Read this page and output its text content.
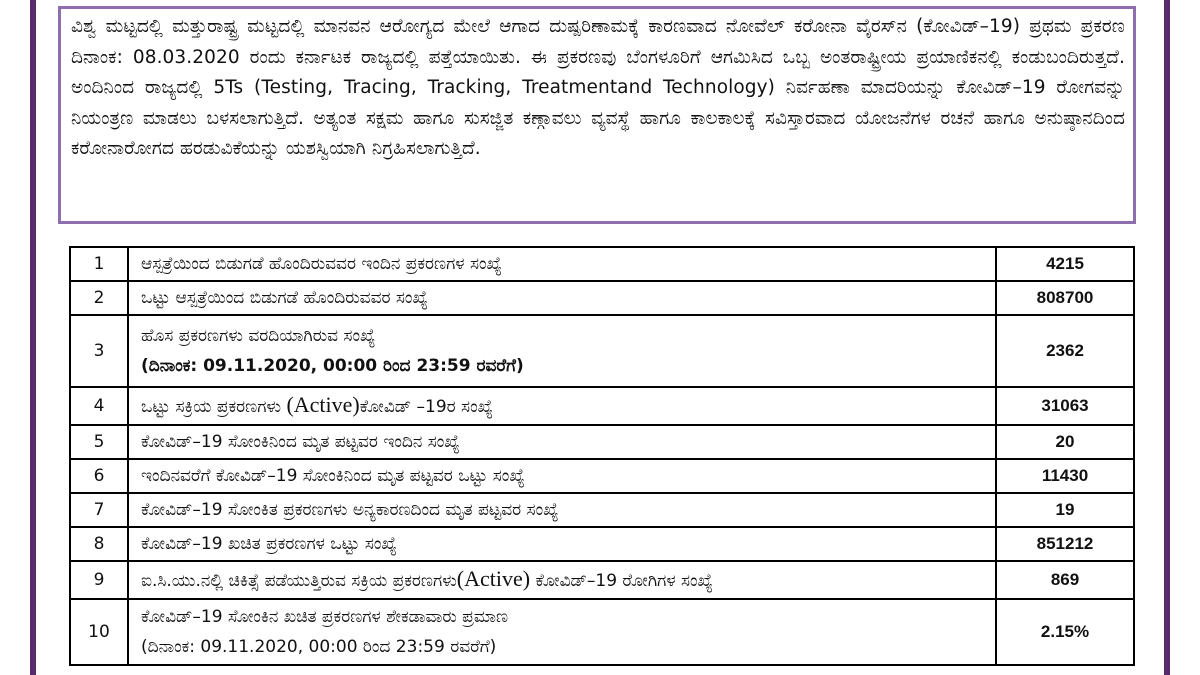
ವಿಶ್ವ ಮಟ್ಟದಲ್ಲಿ ಮತ್ತುರಾಷ್ಟ್ರ ಮಟ್ಟದಲ್ಲಿ ಮಾನವನ ಆರೋಗ್ಯದ ಮೇಲೆ ಆಗಾದ ದುಷ್ಪರಿಣಾಮಕ್ಕೆ ಕಾರಣವಾದ ನೋವೆಲ್ ಕರೋನಾ ವೈರಸ್‌ನ (ಕೋವಿಡ್–19) ಪ್ರಥಮ ಪ್ರಕರಣ ದಿನಾಂಕ: 08.03.2020 ರಂದು ಕರ್ನಾಟಕ ರಾಜ್ಯದಲ್ಲಿ ಪತ್ತೆಯಾಯಿತು. ಈ ಪ್ರಕರಣವು ಬೆಂಗಳೂರಿಗೆ ಆಗಮಿಸಿದ ಒಬ್ಬ ಅಂತರಾಷ್ಟ್ರೀಯ ಪ್ರಯಾಣಿಕನಲ್ಲಿ ಕಂಡುಬಂದಿರುತ್ತದೆ. ಅಂದಿನಿಂದ ರಾಜ್ಯದಲ್ಲಿ 5Ts (Testing, Tracing, Tracking, Treatmentand Technology) ನಿರ್ವಹಣಾ ಮಾದರಿಯನ್ನು ಕೋವಿಡ್–19 ರೋಗವನ್ನು ನಿಯಂತ್ರಣ ಮಾಡಲು ಬಳಸಲಾಗುತ್ತಿದೆ. ಅತ್ಯಂತ ಸಕ್ಷಮ ಹಾಗೂ ಸುಸಜ್ಜಿತ ಕಣ್ಗಾವಲು ವ್ಯವಸ್ಥೆ ಹಾಗೂ ಕಾಲಕಾಲಕ್ಕೆ ಸವಿಸ್ತಾರವಾದ ಯೋಜನೆಗಳ ರಚನೆ ಹಾಗೂ ಅನುಷ್ಠಾನದಿಂದ ಕರೋನಾರೋಗದ ಹರಡುವಿಕೆಯನ್ನು ಯಶಸ್ವಿಯಾಗಿ ನಿಗ್ರಹಿಸಲಾಗುತ್ತಿದೆ.

1	ಆಸ್ಪತ್ರೆಯಿಂದ ಬಿಡುಗಡೆ ಹೊಂದಿರುವವರ ಇಂದಿನ ಪ್ರಕರಣಗಳ ಸಂಖ್ಯೆ	4215
2	ಒಟ್ಟು ಆಸ್ಪತ್ರೆಯಿಂದ ಬಿಡುಗಡೆ ಹೊಂದಿರುವವರ ಸಂಖ್ಯೆ	808700
3	ಹೊಸ ಪ್ರಕರಣಗಳು ವರದಿಯಾಗಿರುವ ಸಂಖ್ಯೆ
(ದಿನಾಂಕ: 09.11.2020, 00:00 ರಿಂದ 23:59 ರವರೆಗೆ)	2362
4	ಒಟ್ಟು ಸಕ್ರಿಯ ಪ್ರಕರಣಗಳು (Active)ಕೋವಿಡ್ –19ರ ಸಂಖ್ಯೆ	31063
5	ಕೋವಿಡ್–19 ಸೋಂಕಿನಿಂದ ಮೃತ ಪಟ್ಟವರ ಇಂದಿನ ಸಂಖ್ಯೆ	20
6	ಇಂದಿನವರೆಗೆ ಕೋವಿಡ್–19 ಸೋಂಕಿನಿಂದ ಮೃತ ಪಟ್ಟವರ ಒಟ್ಟು ಸಂಖ್ಯೆ	11430
7	ಕೋವಿಡ್–19 ಸೋಂಕಿತ ಪ್ರಕರಣಗಳು ಅನ್ಯಕಾರಣದಿಂದ ಮೃತ ಪಟ್ಟವರ ಸಂಖ್ಯೆ	19
8	ಕೋವಿಡ್–19 ಖಚಿತ ಪ್ರಕರಣಗಳ ಒಟ್ಟು ಸಂಖ್ಯೆ	851212
9	ಐ.ಸಿ.ಯು.ನಲ್ಲಿ ಚಿಕಿತ್ಸೆ ಪಡೆಯುತ್ತಿರುವ ಸಕ್ರಿಯ ಪ್ರಕರಣಗಳು(Active) ಕೋವಿಡ್–19 ರೋಗಿಗಳ ಸಂಖ್ಯೆ	869
10	ಕೋವಿಡ್–19 ಸೋಂಕಿನ ಖಚಿತ ಪ್ರಕರಣಗಳ ಶೇಕಡಾವಾರು ಪ್ರಮಾಣ
(ದಿನಾಂಕ: 09.11.2020, 00:00 ರಿಂದ 23:59 ರವರೆಗೆ)	2.15%
